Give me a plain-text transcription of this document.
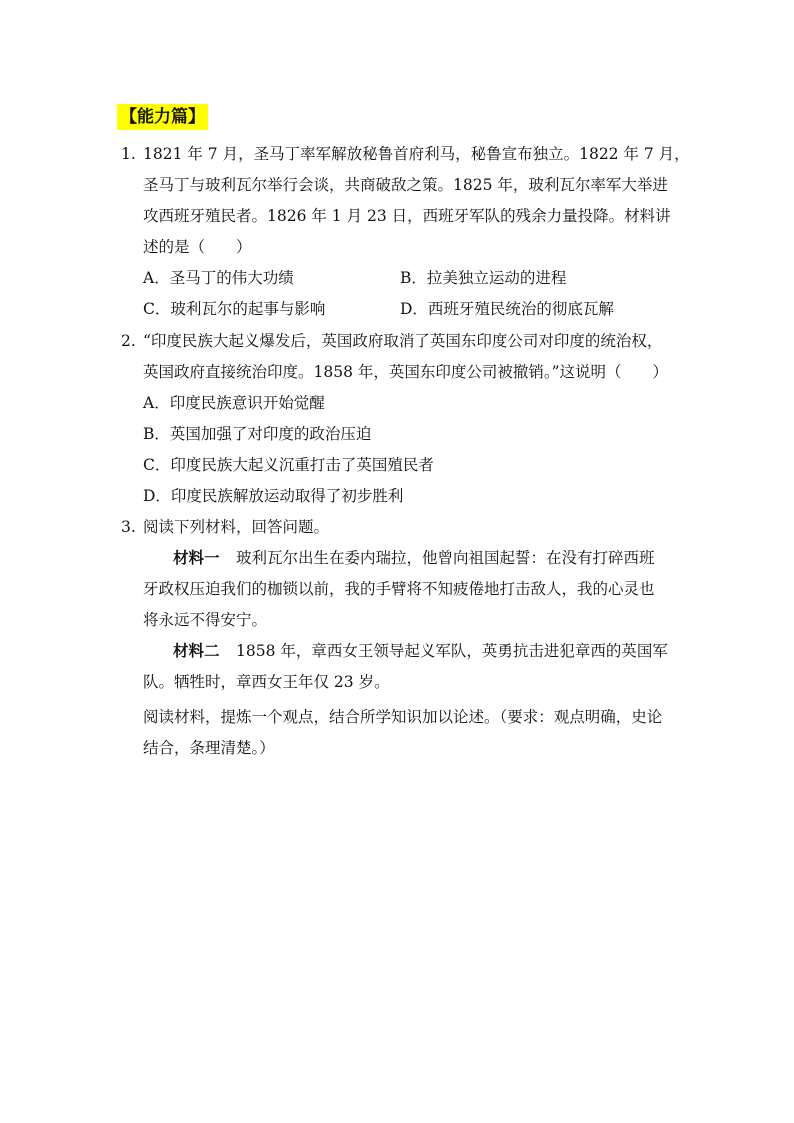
【能力篇】
1. 1821 年 7 月，圣马丁率军解放秘鲁首府利马，秘鲁宣布独立。1822 年 7 月，
圣马丁与玻利瓦尔举行会谈，共商破敌之策。1825 年，玻利瓦尔率军大举进
攻西班牙殖民者。1826 年 1 月 23 日，西班牙军队的残余力量投降。材料讲
述的是（　　）
A．圣马丁的伟大功绩	B．拉美独立运动的进程
C．玻利瓦尔的起事与影响	D．西班牙殖民统治的彻底瓦解
2. “印度民族大起义爆发后，英国政府取消了英国东印度公司对印度的统治权，
英国政府直接统治印度。1858 年，英国东印度公司被撤销。”这说明（　　）
A．印度民族意识开始觉醒
B．英国加强了对印度的政治压迫
C．印度民族大起义沉重打击了英国殖民者
D．印度民族解放运动取得了初步胜利
3. 阅读下列材料，回答问题。
材料一 玻利瓦尔出生在委内瑞拉，他曾向祖国起誓：在没有打碎西班
牙政权压迫我们的枷锁以前，我的手臂将不知疲倦地打击敌人，我的心灵也
将永远不得安宁。
材料二 1858 年，章西女王领导起义军队，英勇抗击进犯章西的英国军
队。牺牲时，章西女王年仅 23 岁。
阅读材料，提炼一个观点，结合所学知识加以论述。（要求：观点明确，史论
结合，条理清楚。）
